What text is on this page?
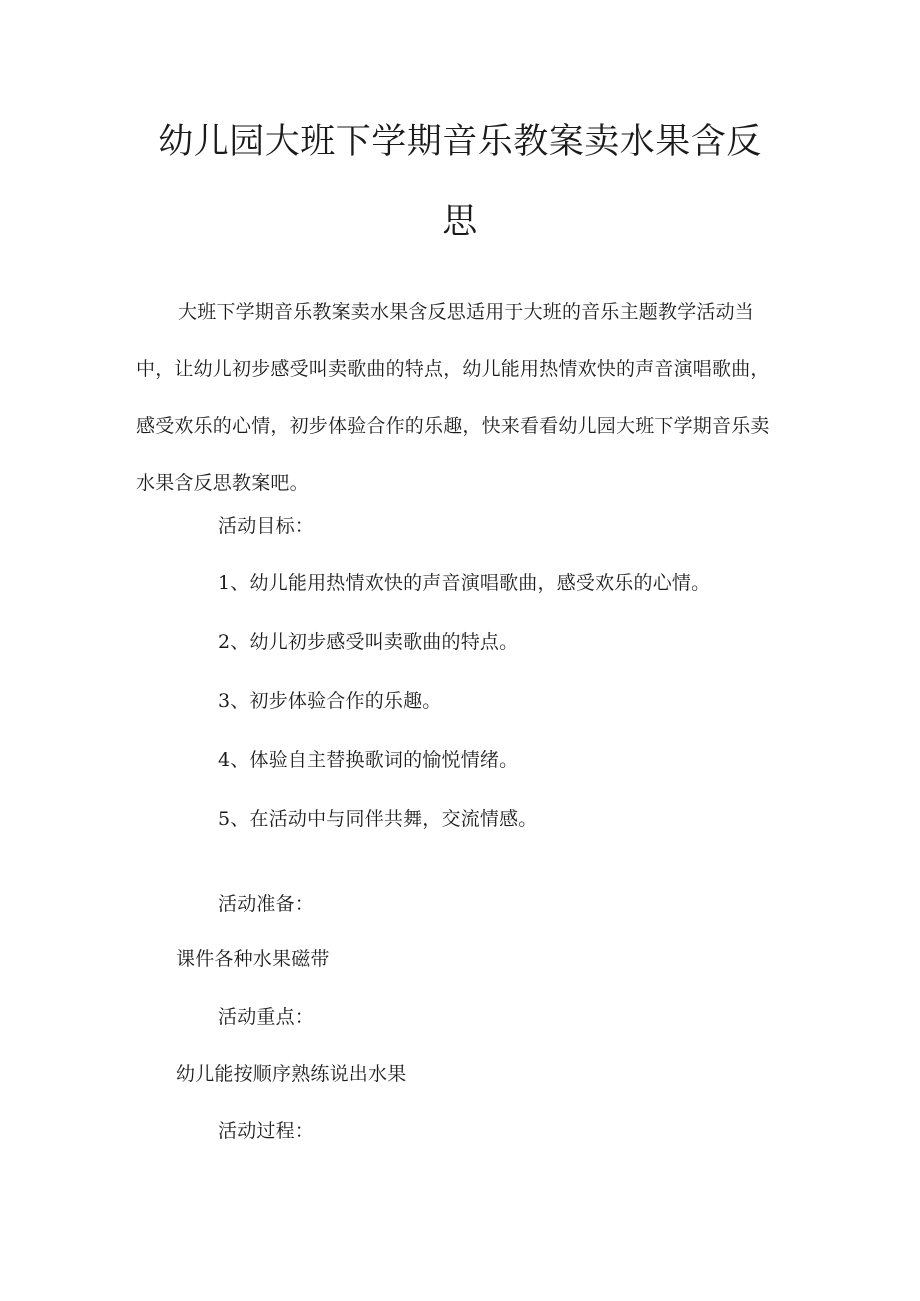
幼儿园大班下学期音乐教案卖水果含反
思

大班下学期音乐教案卖水果含反思适用于大班的音乐主题教学活动当中，让幼儿初步感受叫卖歌曲的特点，幼儿能用热情欢快的声音演唱歌曲，感受欢乐的心情，初步体验合作的乐趣，快来看看幼儿园大班下学期音乐卖水果含反思教案吧。

活动目标：

1、幼儿能用热情欢快的声音演唱歌曲，感受欢乐的心情。

2、幼儿初步感受叫卖歌曲的特点。

3、初步体验合作的乐趣。

4、体验自主替换歌词的愉悦情绪。

5、在活动中与同伴共舞，交流情感。

活动准备：

课件各种水果磁带

活动重点：

幼儿能按顺序熟练说出水果

活动过程：
